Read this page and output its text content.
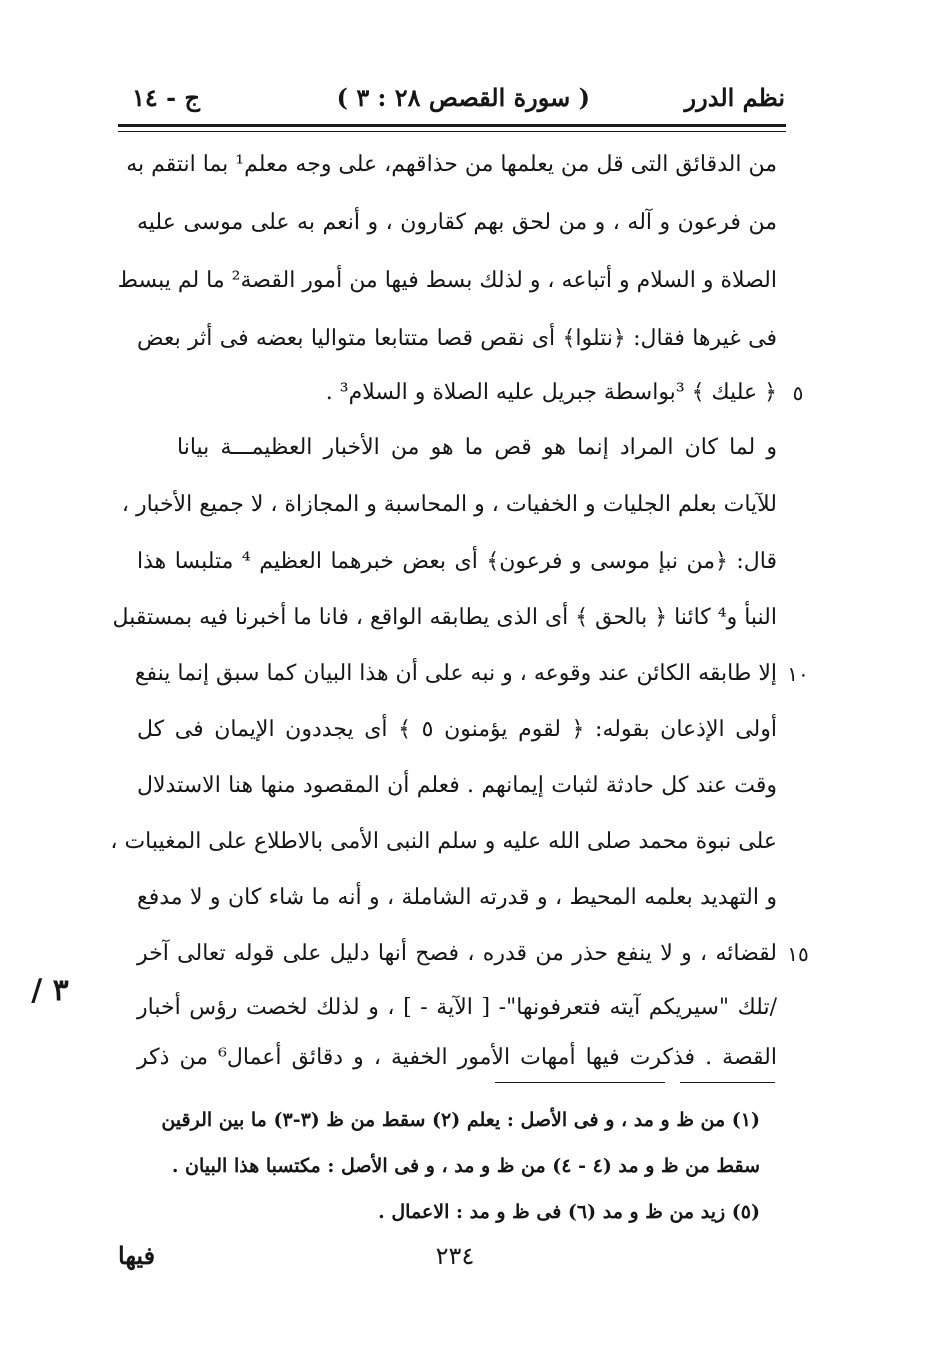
نظم الدرر
( سورة القصص ٢٨ : ٣ )
ج - ١٤
من الدقائق التى قل من يعلمها من حذاقهم، على وجه معلم¹ بما انتقم به
من فرعون و آله ، و من لحق بهم كقارون ، و أنعم به على موسى عليه
الصلاة و السلام و أتباعه ، و لذلك بسط فيها من أمور القصة² ما لم يبسط
فى غيرها فقال: ﴿نتلوا﴾ أى نقص قصا متتابعا متواليا بعضه فى أثر بعض
﴿ عليك ﴾ ³بواسطة جبريل عليه الصلاة و السلام³ . ٥
و لما كان المراد إنما هو قص ما هو من الأخبار العظيمـــة بيانا
للآيات بعلم الجليات و الخفيات ، و المحاسبة و المجازاة ، لا جميع الأخبار ،
قال: ﴿من نبإ موسى و فرعون﴾ أى بعض خبرهما العظيم ⁴ متلبسا هذا
النبأ و⁴ كائنا ﴿ بالحق ﴾ أى الذى يطابقه الواقع ، فانا ما أخبرنا فيه بمستقبل
إلا طابقه الكائن عند وقوعه ، و نبه على أن هذا البيان كما سبق إنما ينفع ١٠
أولى الإذعان بقوله: ﴿ لقوم يؤمنون ٥ ﴾ أى يجددون الإيمان فى كل
وقت عند كل حادثة لثبات إيمانهم . فعلم أن المقصود منها هنا الاستدلال
على نبوة محمد صلى الله عليه و سلم النبى الأمى بالاطلاع على المغيبات ،
و التهديد بعلمه المحيط ، و قدرته الشاملة ، و أنه ما شاء كان و لا مدفع
لقضائه ، و لا ينفع حذر من قدره ، فصح أنها دليل على قوله تعالى آخر ١٥
/تلك "سيريكم آيته فتعرفونها"- [ الآية - ] ، و لذلك لخصت رؤس أخبار
القصة . فذكرت فيها أمهات الأمور الخفية ، و دقائق أعمال⁶ من ذكر
٣ /
(١) من ظ و مد ، و فى الأصل : يعلم (٢) سقط من ظ (٣-٣) ما بين الرقين
سقط من ظ و مد (٤ - ٤) من ظ و مد ، و فى الأصل : مكتسبا هذا البيان .
(٥) زيد من ظ و مد (٦) فى ظ و مد : الاعمال .
٢٣٤
فيها
